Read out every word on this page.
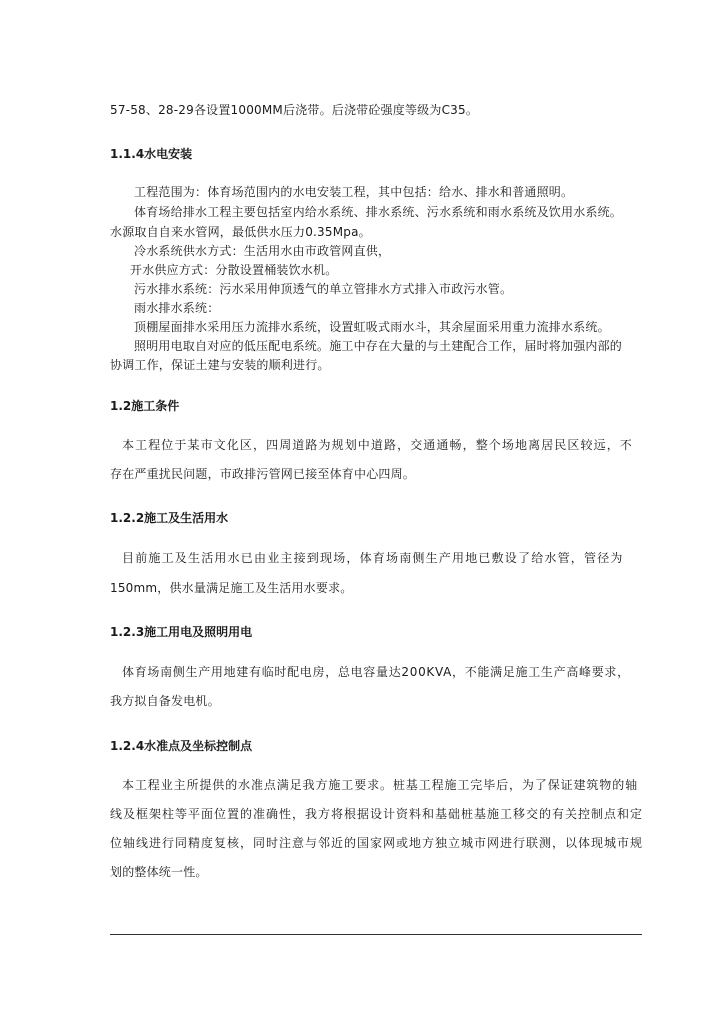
57-58、28-29各设置1000MM后浇带。后浇带砼强度等级为C35。
1.1.4水电安装
工程范围为：体育场范围内的水电安装工程，其中包括：给水、排水和普通照明。
体育场给排水工程主要包括室内给水系统、排水系统、污水系统和雨水系统及饮用水系统。
水源取自自来水管网，最低供水压力0.35Mpa。
冷水系统供水方式：生活用水由市政管网直供，
开水供应方式：分散设置桶装饮水机。
污水排水系统：污水采用伸顶透气的单立管排水方式排入市政污水管。
雨水排水系统：
顶棚屋面排水采用压力流排水系统，设置虹吸式雨水斗，其余屋面采用重力流排水系统。
照明用电取自对应的低压配电系统。施工中存在大量的与土建配合工作，届时将加强内部的
协调工作，保证土建与安装的顺利进行。
1.2施工条件
本工程位于某市文化区，四周道路为规划中道路，交通通畅，整个场地离居民区较远，不
存在严重扰民问题，市政排污管网已接至体育中心四周。
1.2.2施工及生活用水
目前施工及生活用水已由业主接到现场，体育场南侧生产用地已敷设了给水管，管径为
150mm，供水量满足施工及生活用水要求。
1.2.3施工用电及照明用电
体育场南侧生产用地建有临时配电房，总电容量达200KVA，不能满足施工生产高峰要求，
我方拟自备发电机。
1.2.4水准点及坐标控制点
本工程业主所提供的水准点满足我方施工要求。桩基工程施工完毕后，为了保证建筑物的轴
线及框架柱等平面位置的准确性，我方将根据设计资料和基础桩基施工移交的有关控制点和定
位轴线进行同精度复核，同时注意与邻近的国家网或地方独立城市网进行联测，以体现城市规
划的整体统一性。
